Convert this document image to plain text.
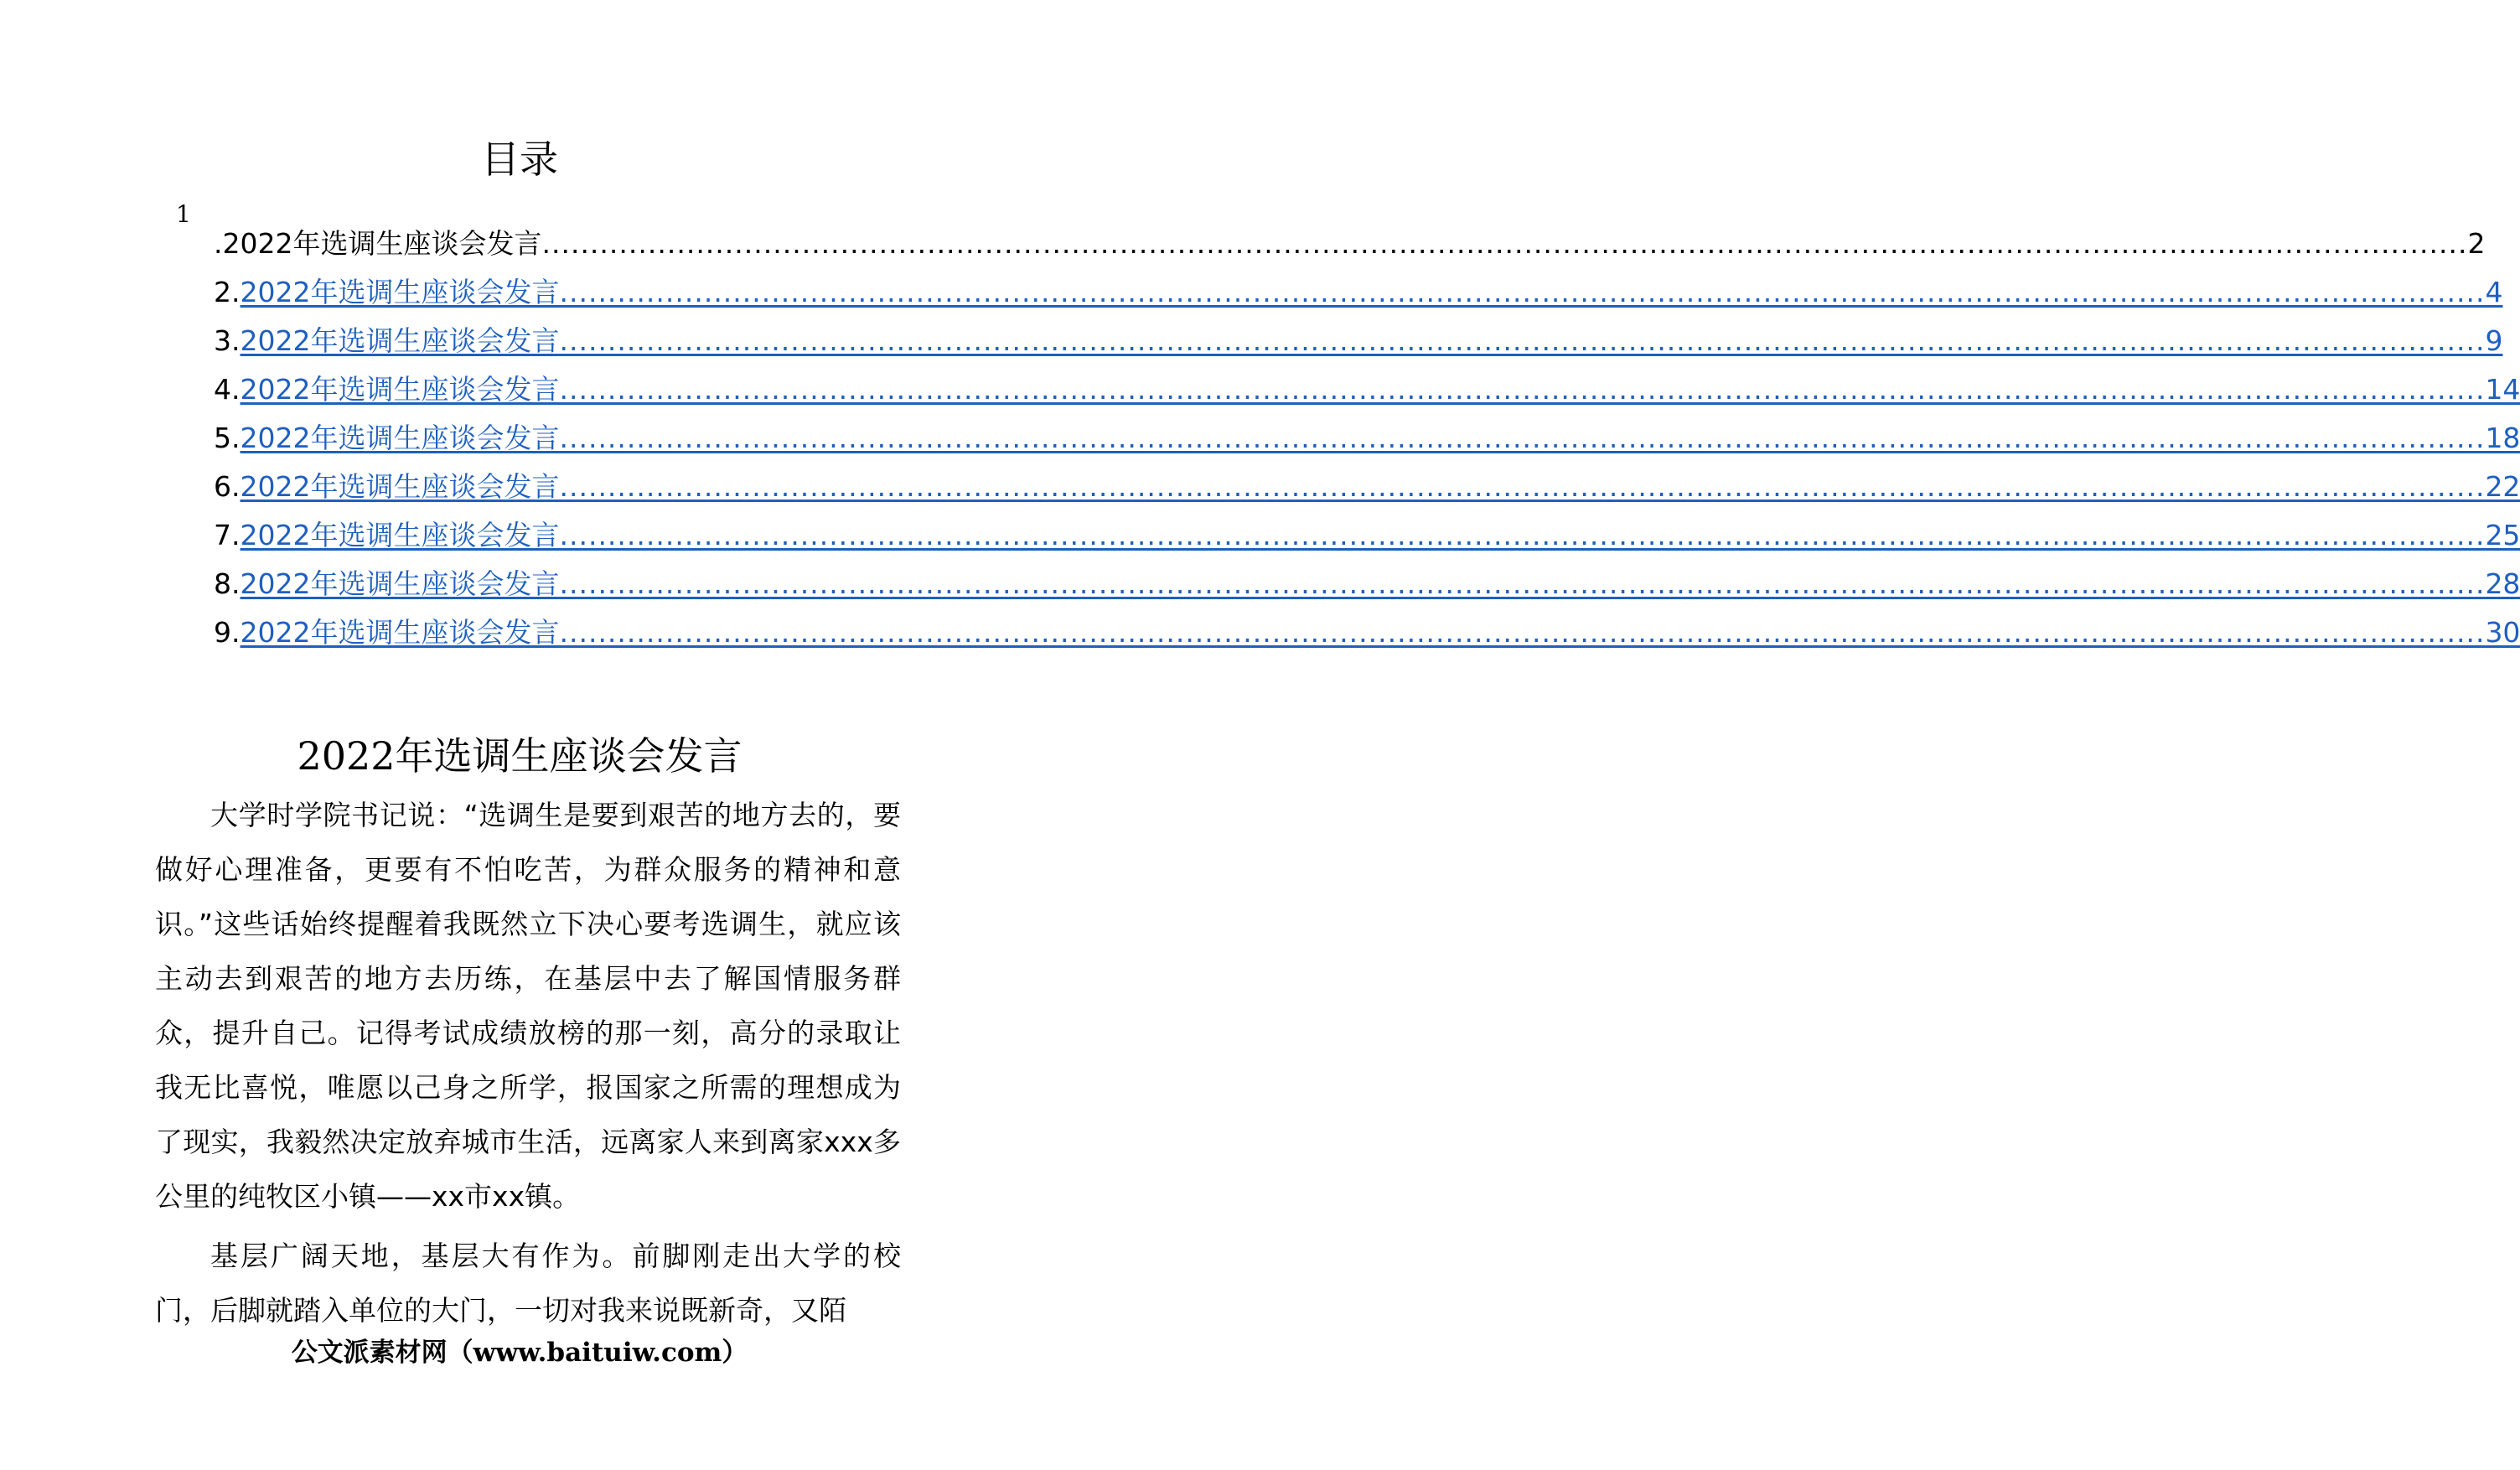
目录
1
. 2022年选调生座谈会发言 ........................................................................................................................................................................................................ 2
2. 2022年选调生座谈会发言 ........................................................................................................................................................................................................ 4
3. 2022年选调生座谈会发言 ........................................................................................................................................................................................................ 9
4. 2022年选调生座谈会发言 ........................................................................................................................................................................................................ 14
5. 2022年选调生座谈会发言 ........................................................................................................................................................................................................ 18
6. 2022年选调生座谈会发言 ........................................................................................................................................................................................................ 22
7. 2022年选调生座谈会发言 ........................................................................................................................................................................................................ 25
8. 2022年选调生座谈会发言 ........................................................................................................................................................................................................ 28
9. 2022年选调生座谈会发言 ........................................................................................................................................................................................................ 30
2022年选调生座谈会发言

大学时学院书记说：“选调生是要到艰苦的地方去的，要做好心理准备，更要有不怕吃苦，为群众服务的精神和意识。”这些话始终提醒着我既然立下决心要考选调生，就应该主动去到艰苦的地方去历练，在基层中去了解国情服务群众，提升自己。记得考试成绩放榜的那一刻，高分的录取让我无比喜悦，唯愿以己身之所学，报国家之所需的理想成为了现实，我毅然决定放弃城市生活，远离家人来到离家xxx多公里的纯牧区小镇——xx市xx镇。

基层广阔天地，基层大有作为。前脚刚走出大学的校门，后脚就踏入单位的大门，一切对我来说既新奇，又陌

公文派素材网（www.baituiw.com）
